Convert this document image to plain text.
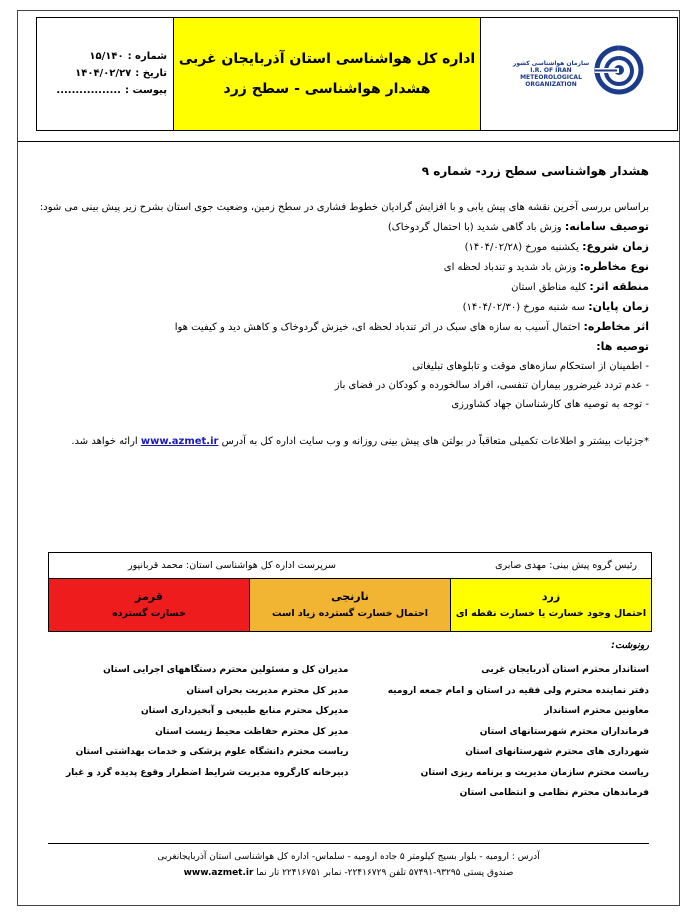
شماره :
۱۵/۱۴۰
تاریخ :
۱۴۰۴/۰۲/۲۷
پیوست :
.................
اداره کل هواشناسی استان آذربایجان غربی
هشدار هواشناسی - سطح زرد
سازمان هواشناسی کشور
I.R. OF IRAN
METEOROLOGICAL
ORGANIZATION
هشدار هواشناسی سطح زرد- شماره ۹

براساس بررسی آخرین نقشه های پیش یابی و با افزایش گرادیان خطوط فشاری در سطح زمین، وضعیت جوی استان بشرح زیر پیش بینی می شود:

توصیف سامانه: وزش باد گاهی شدید (با احتمال گردوخاک)

زمان شروع: یکشنبه مورخ (۱۴۰۴/۰۲/۲۸)

نوع مخاطره: وزش باد شدید و تندباد لحظه ای

منطقه اثر: کلیه مناطق استان

زمان پایان: سه شنبه مورخ (۱۴۰۴/۰۲/۳۰)

اثر مخاطره: احتمال آسیب به سازه های سبک در اثر تندباد لحظه ای، خیزش گردوخاک و کاهش دید و کیفیت هوا

توصیه ها:

- اطمینان از استحکام سازه‌های موقت و تابلوهای تبلیغاتی
- عدم تردد غیرضرور بیماران تنفسی، افراد سالخورده و کودکان در فضای باز
- توجه به توصیه های کارشناسان جهاد کشاورزی

*جزئیات بیشتر و اطلاعات تکمیلی متعاقباً در بولتن های پیش بینی روزانه و وب سایت اداره کل به آدرس www.azmet.ir ارائه خواهد شد.

رئیس گروه پیش بینی: مهدی صابری
سرپرست اداره کل هواشناسی استان: محمد قربانپور
زرد
احتمال وجود خسارت یا خسارت نقطه ای
نارنجی
احتمال خسارت گسترده زیاد است
قرمز
خسارت گسترده
رونوشت:
استاندار محترم استان آذربایجان غربی
دفتر نماینده محترم ولی فقیه در استان و امام جمعه ارومیه
معاونین محترم استاندار
فرمانداران محترم شهرستانهای استان
شهرداری های محترم شهرستانهای استان
ریاست محترم سازمان مدیریت و برنامه ریزی استان
فرماندهان محترم نظامی و انتظامی استان
مدیران کل و مسئولین محترم دستگاههای اجرایی استان
مدیر کل محترم مدیریت بحران استان
مدیرکل محترم منابع طبیعی و آبخیزداری استان
مدیر کل محترم حفاظت محیط زیست استان
ریاست محترم دانشگاه علوم پزشکی و خدمات بهداشتی استان
دبیرخانه کارگروه مدیریت شرایط اضطرار وقوع پدیده گرد و غبار
آدرس : ارومیه - بلوار بسیج کیلومتر ۵ جاده‌ ارومیه - سلماس- اداره کل هواشناسی استان آذربایجانغربی
صندوق پستی ۹۳۲۹۵-۵۷۴۹۱ تلفن ۲۲۴۱۶۷۲۹- نمابر ۲۲۴۱۶۷۵۱ تار نما www.azmet.ir
